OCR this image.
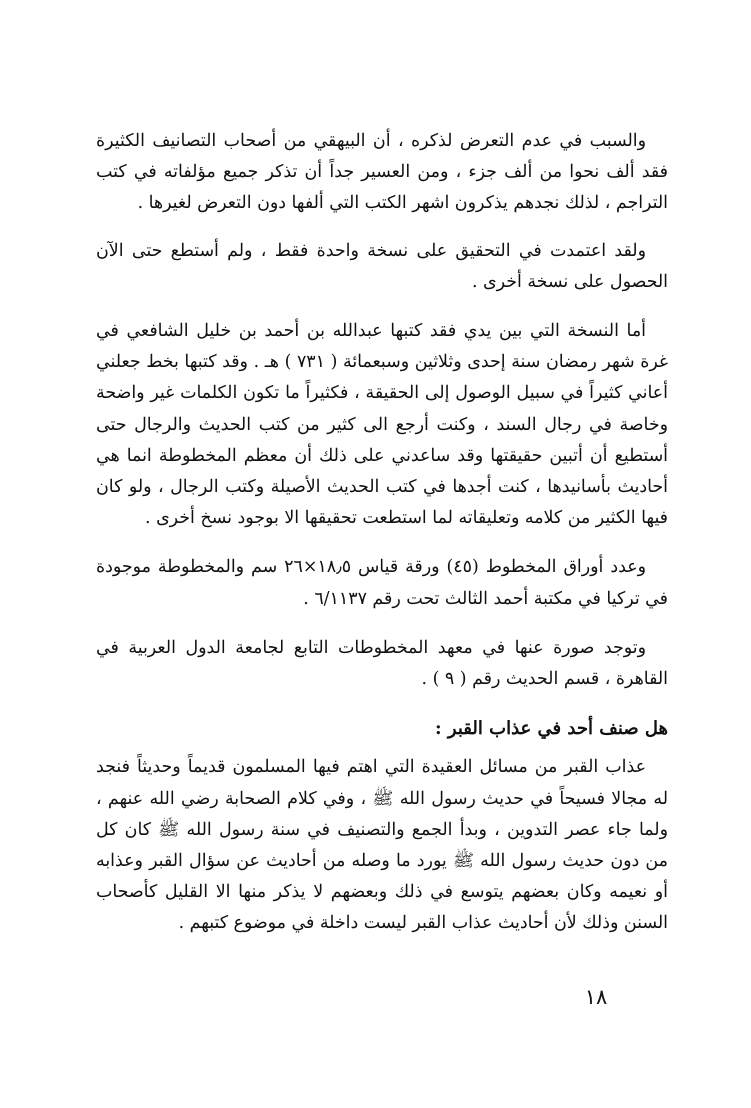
والسبب في عدم التعرض لذكره ، أن البيهقي من أصحاب التصانيف الكثيرة فقد ألف نحوا من ألف جزء ، ومن العسير جداً أن تذكر جميع مؤلفاته في كتب التراجم ، لذلك نجدهم يذكرون اشهر الكتب التي ألفها دون التعرض لغيرها .

ولقد اعتمدت في التحقيق على نسخة واحدة فقط ، ولم أستطع حتى الآن الحصول على نسخة أخرى .

أما النسخة التي بين يدي فقد كتبها عبدالله بن أحمد بن خليل الشافعي في غرة شهر رمضان سنة إحدى وثلاثين وسبعمائة ( ٧٣١ ) هـ . وقد كتبها بخط جعلني أعاني كثيراً في سبيل الوصول إلى الحقيقة ، فكثيراً ما تكون الكلمات غير واضحة وخاصة في رجال السند ، وكنت أرجع الى كثير من كتب الحديث والرجال حتى أستطيع أن أتبين حقيقتها وقد ساعدني على ذلك أن معظم المخطوطة انما هي أحاديث بأسانيدها ، كنت أجدها في كتب الحديث الأصيلة وكتب الرجال ، ولو كان فيها الكثير من كلامه وتعليقاته لما استطعت تحقيقها الا بوجود نسخ أخرى .

وعدد أوراق المخطوط (٤٥) ورقة قياس ١٨٫٥×٢٦ سم والمخطوطة موجودة في تركيا في مكتبة أحمد الثالث تحت رقم ٦/١١٣٧ .

وتوجد صورة عنها في معهد المخطوطات التابع لجامعة الدول العربية في القاهرة ، قسم الحديث رقم ( ٩ ) .

هل صنف أحد في عذاب القبر :

عذاب القبر من مسائل العقيدة التي اهتم فيها المسلمون قديماً وحديثاً فنجد له مجالا فسيحاً في حديث رسول الله ﷺ ، وفي كلام الصحابة رضي الله عنهم ، ولما جاء عصر التدوين ، وبدأ الجمع والتصنيف في سنة رسول الله ﷺ كان كل من دون حديث رسول الله ﷺ يورد ما وصله من أحاديث عن سؤال القبر وعذابه أو نعيمه وكان بعضهم يتوسع في ذلك وبعضهم لا يذكر منها الا القليل كأصحاب السنن وذلك لأن أحاديث عذاب القبر ليست داخلة في موضوع كتبهم .

١٨
